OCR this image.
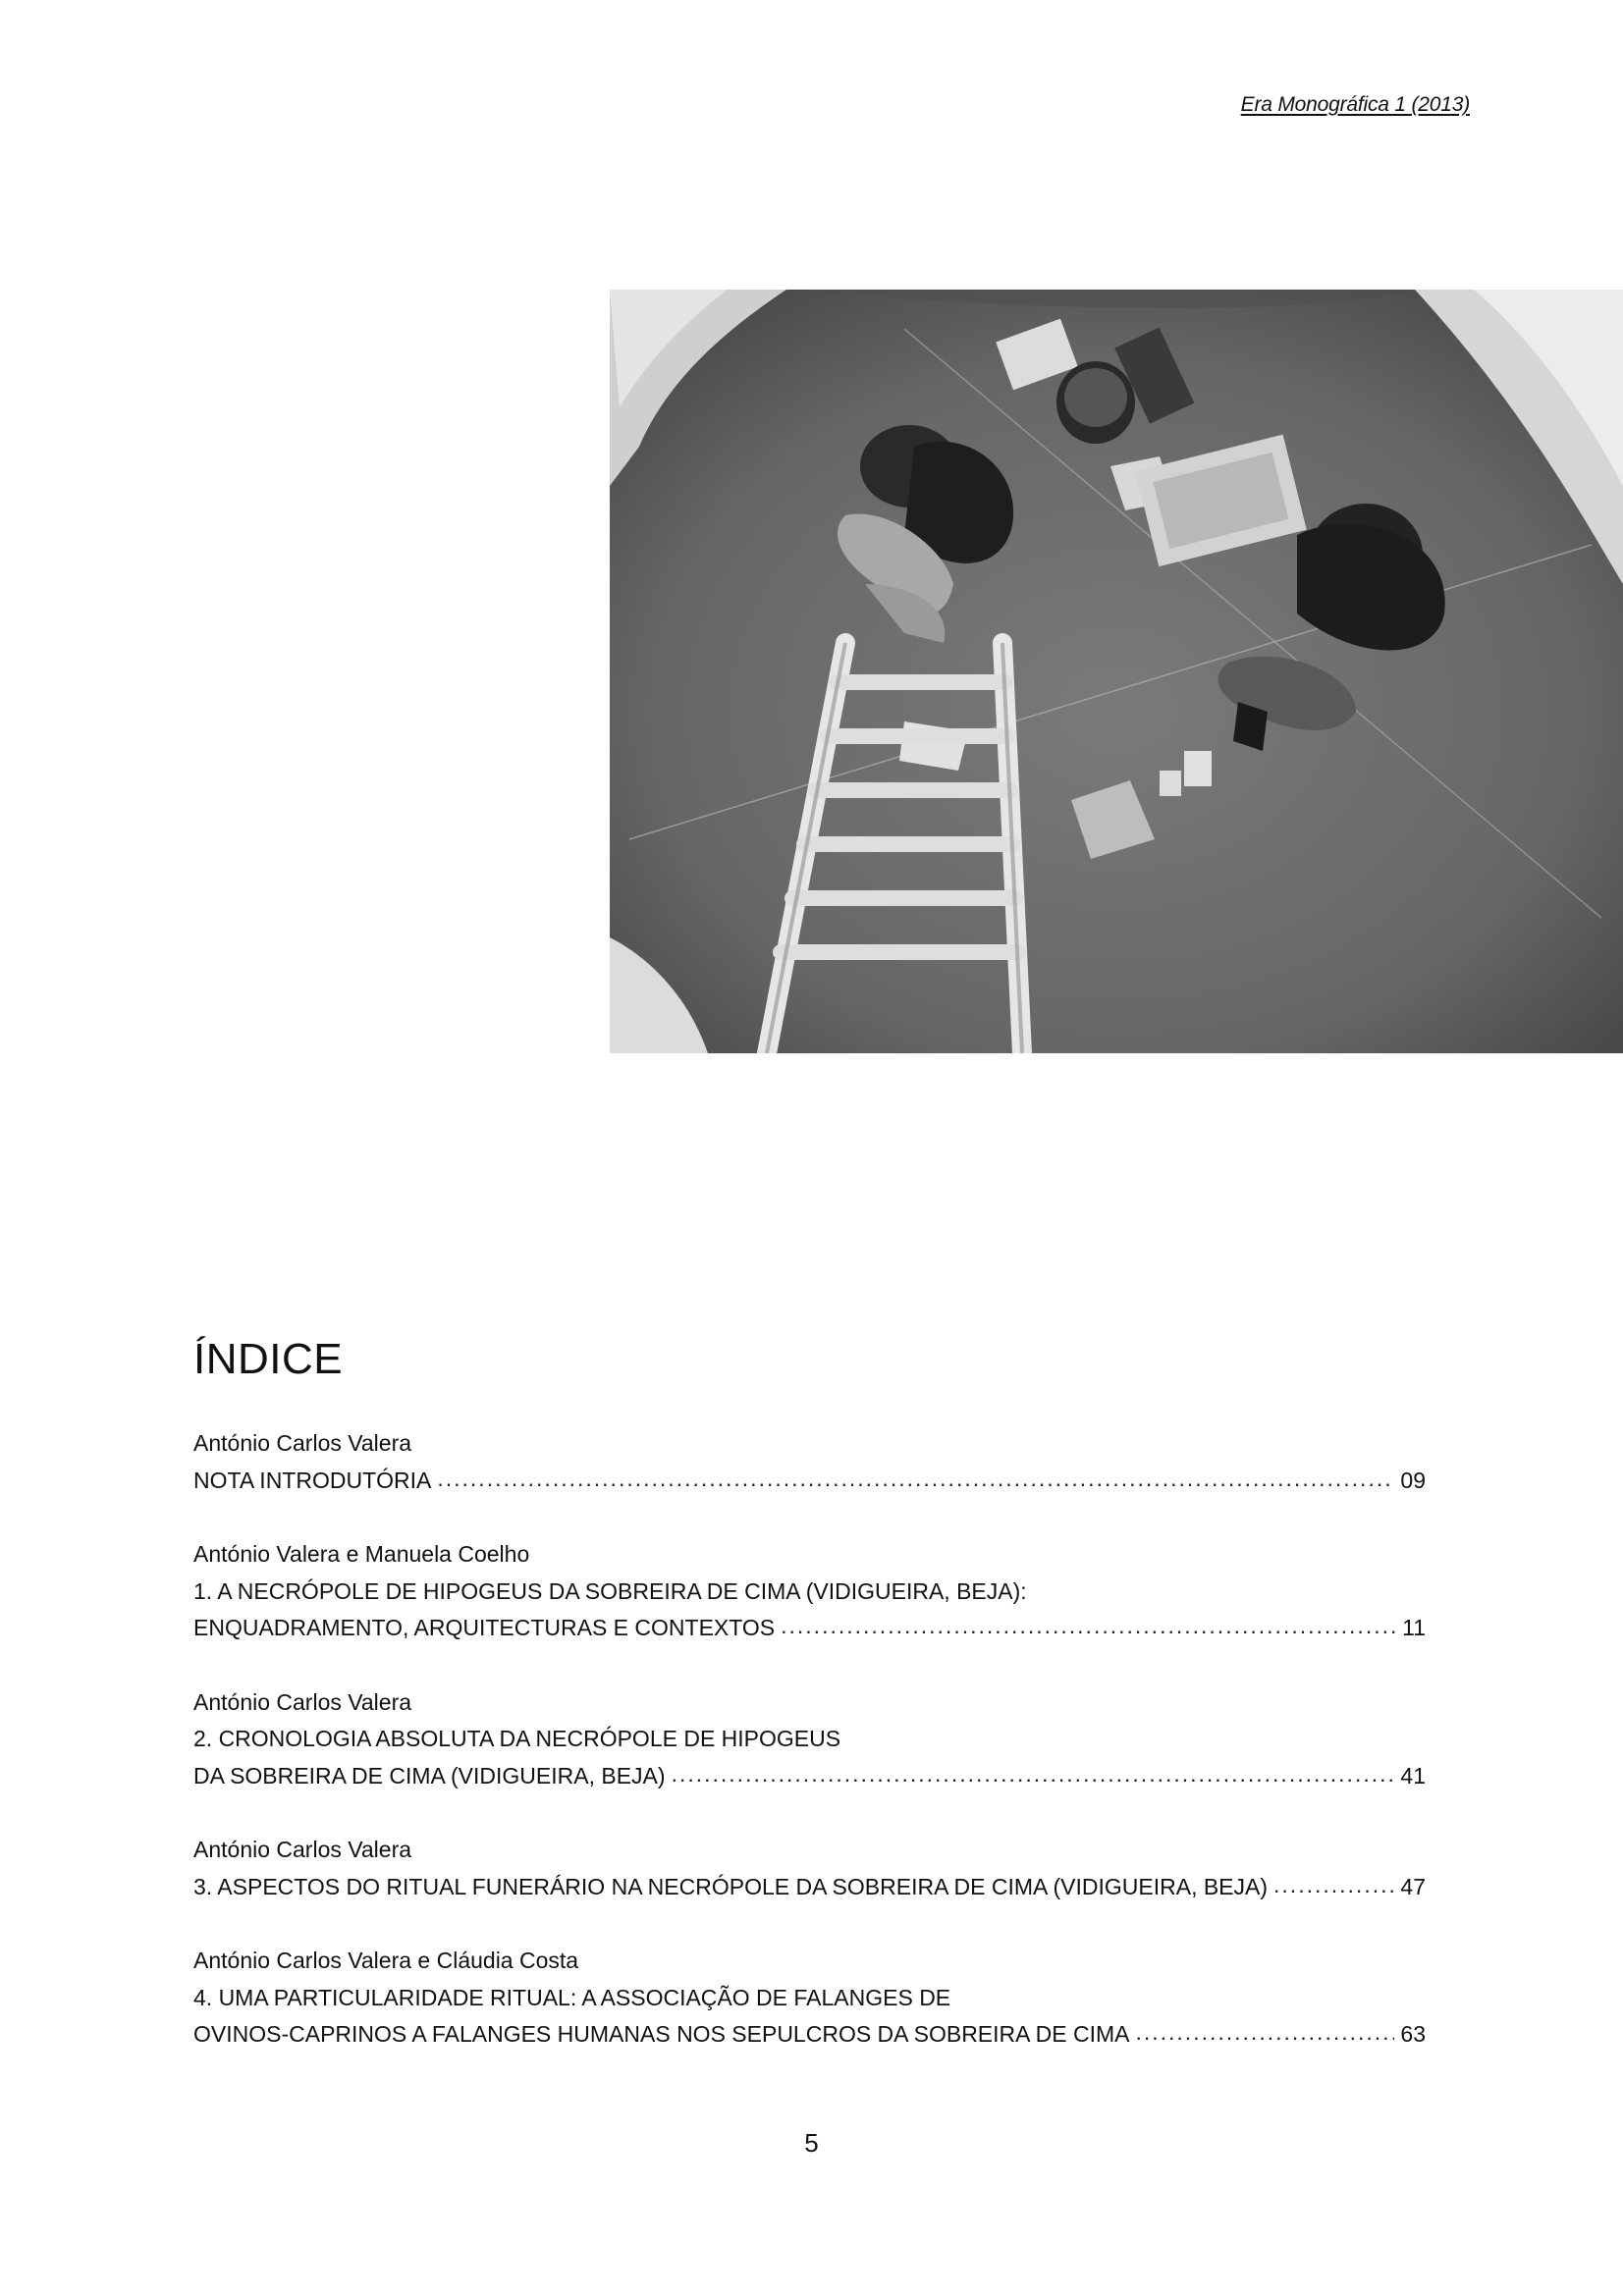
Era Monográfica 1 (2013)
ÍNDICE
António Carlos Valera
NOTA INTRODUTÓRIA .....	09
António Valera e Manuela Coelho
1. A NECRÓPOLE DE HIPOGEUS DA SOBREIRA DE CIMA (VIDIGUEIRA, BEJA):
ENQUADRAMENTO, ARQUITECTURAS E CONTEXTOS .....	11
António Carlos Valera
2. CRONOLOGIA ABSOLUTA DA NECRÓPOLE DE HIPOGEUS
DA SOBREIRA DE CIMA (VIDIGUEIRA, BEJA) .....	41
António Carlos Valera
3. ASPECTOS DO RITUAL FUNERÁRIO NA NECRÓPOLE DA SOBREIRA DE CIMA (VIDIGUEIRA, BEJA) .....	47
António Carlos Valera e Cláudia Costa
4. UMA PARTICULARIDADE RITUAL: A ASSOCIAÇÃO DE FALANGES DE
OVINOS-CAPRINOS A FALANGES HUMANAS NOS SEPULCROS DA SOBREIRA DE CIMA .....	63
5
